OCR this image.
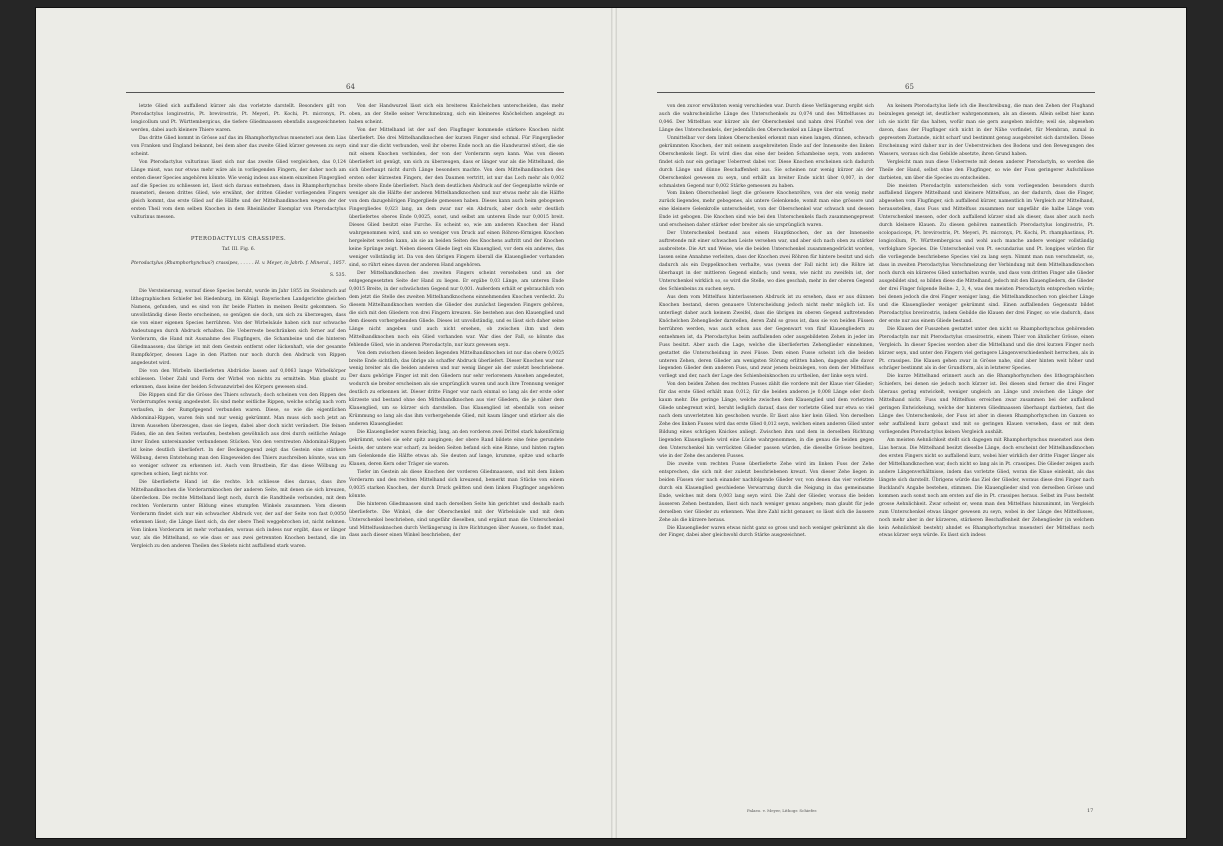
64

letzte Glied sich auffallend kürzer als das vorletzte darstellt. Besonders gilt von Pterodactylus longirostris, Pt. brevirostris, Pt. Meyeri, Pt. Kochi, Pt. micronyx, Pt. longicollum und Pt. Württembergicus, die tiefere Gliedmaassen ebenfalls ausgezeichneten werden, dabei auch kleinere Thiere waren.

Das dritte Glied kommt in Grösse auf das im Rhamphorhynchus muensteri aus dem Lias von Franken und England bekannt, bei dem aber das zweite Glied kürzer gewesen zu seyn scheint.

Von Pterodactylus vulturinus lässt sich nur das zweite Glied vergleichen, das 0,124 Länge misst, was nur etwas mehr wäre als in vorliegenden Fingern, der daher noch am ersten dieser Species angehören könnte. Wie wenig indess aus einem einzelnen Fingerglied auf die Species zu schliessen ist, lässt sich daraus entnehmen, dass in Rhamphorhynchus muensteri, dessen drittes Glied, wie erwähnt, der dritten Glieder vorliegenden Fingers gleich kommt, das erste Glied auf die Hälfte und der Mittelhandknochen wegen der der ersten Theil vom dem selben Knochen in dem Rheinländer Exemplar von Pterodactylus vulturinus messen.

PTERODACTYLUS CRASSIPES.

Taf. III. Fig. 6.

Pterodactylus (Rhamphorhynchus?) crassipes, . . . . . H. v. Meyer, in Jahrb. f. Mineral., 1857.

S. 535.

Die Versteinerung, worauf diese Species beruht, wurde im Jahr 1855 im Steinbruch auf lithographischen Schiefer bei Riedenburg, im Königl. Bayerischen Landgerichte gleichen Namens, gefunden, und es sind von ihr beide Platten in meinen Besitz gekommen. So unvollständig diese Reste erscheinen, so genügen sie doch, um sich zu überzeugen, dass sie von einer eigenen Species herrühren. Von der Wirbelsäule haben sich nur schwache Andeutungen durch Abdruck erhalten. Die Ueberreste beschränken sich ferner auf den Vorderarm, die Hand mit Ausnahme des Flugfingers, die Schambeine und die hinteren Gliedmaassen; das übrige ist mit dem Gestein entfernt oder lückenhaft, wie der gesamte Rumpfkörper, dessen Lage in den Platten nur noch durch den Abdruck von Rippen angedeutet wird.

Die von den Wirbeln überlieferten Abdrücke lassen auf 0,0063 lange Wirbelkörper schliessen. Ueber Zahl und Form der Wirbel von nichts zu ermitteln. Man glaubt zu erkennen, dass keine der beiden Schwanzwirbel des Körpers gewesen sind.

Die Rippen sind für die Grösse des Thiers schwach; doch scheinen von den Rippen des Vorderrumpfes wenig angedeutet. Es sind mehr seitliche Rippen, welche schräg nach vorn verlaufen, in der Rumpfgegend verbunden waren. Diese, so wie die eigentlichen Abdominal-Rippen, waren fein und nur wenig gekrümmt. Man muss sich noch jetzt an ihrem Aussehen überzeugen, dass sie liegen, dabei aber doch nicht verändert. Die feinen Fäden, die an den Seiten verlaufen, bestehen gewöhnlich aus drei durch seitliche Anlage ihrer Enden untereinander verbundenen Stücken. Von den verstreuten Abdominal-Rippen ist keine deutlich überliefert. In der Beckengegend zeigt das Gestein eine stärkere Wölbung, deren Entstehung man den Eingeweiden des Thiers zuschreiben könnte, was um so weniger schwer zu erkennen ist. Auch vom Brustbein, für das diese Wölbung zu sprechen schien, liegt nichts vor.

Die überlieferte Hand ist die rechte. Ich schliesse dies daraus, dass ihre Mittelhandknochen die Vorderarmknochen der anderen Seite, mit denen sie sich kreuzen, überdecken. Die rechte Mittelhand liegt noch, durch die Randtheile verbunden, mit dem rechten Vorderarm unter Bildung eines stumpfen Winkels zusammen. Vom diesem Vorderarm findet sich nur ein schwacher Abdruck vor, der auf der Seite von fast 0,0050 erkennen lässt; die Länge lässt sich, da der obere Theil weggebrochen ist, nicht nehmen. Vom linken Vorderarm ist mehr vorhanden, woraus sich indess nur ergibt, dass er länger war, als die Mittelhand, so wie dass er aus zwei getrennten Knochen bestand, die im Vergleich zu den anderen Theilen des Skelets nicht auffallend stark waren.

Von der Handwurzel lässt sich ein breiteres Knöchelchen unterscheiden, das mehr oben, an der Stelle seiner Verschmelzung, sich ein kleineres Knöchelchen angelegt zu haben scheint.

Von der Mittelhand ist der auf den Flugfinger kommende stärkere Knochen nicht überliefert. Die drei Mittelhandknochen der kurzen Finger sind schmal. Für Fingerglieder sind nur die dicht verbunden, weil ihr oberes Ende noch an die Handwurzel stösst, die sie mit einem Knochen verbinden, der von der Vorderarm seyn kann. Was von diesen überliefert ist genügt, um sich zu überzeugen, dass er länger war als die Mittelhand, die sich überhaupt nicht durch Länge besonders machte. Von dem Mittelhandknochen des ersten oder kürzesten Fingers, der den Daumen vertritt, ist nur das Loch mehr als 0,002 breite obere Ende überliefert. Nach dem deutlichen Abdruck auf der Gegenplatte würde er weniger als die Hälfte der anderen Mittelhandknochen und nur etwas mehr als die Hälfte von dem dazugehörigen Fingergliede gemessen haben. Dieses kann auch beim gebogenen Fingergliedes 0,023 lang, an dem zwar nur ein Abdruck, aber doch sehr deutlich überliefertes oberes Ende 0,0025, sonst, und selbst am unteren Ende nur 0,0015 breit. Dieses Glied besitzt eine Furche. Es scheint so, wie am anderen Knochen der Hand wahrgenommen wird, und um so weniger von Druck auf einen Röhren-förmigen Knochen hergeleitet werden kann, als sie an beiden Seiten des Knochens auftritt und der Knochen keine Sprünge zeigt. Neben diesem Gliede liegt ein Klauenglied, vor dem ein anderes, das weniger vollständig ist. Da von den übrigen Fingern überall die Klauenglieder vorhanden sind, so rührt eines davon der anderen Hand angehören.

Der Mittelhandknochen des zweiten Fingers scheint versehoben und an der entgegengesetzten Seite der Hand zu liegen. Er ergäbe 0,03 Länge, am unteren Ende 0,0015 Breite, in der schwächsten Gegend nur 0,001. Außerdem erhält er gebrauchlich von dem jetzt die Stelle des zweiten Mittelhandknochens einnehmenden Knochen verdeckt. Zu diesem Mittelhandknochen werden die Glieder des zunächst liegenden Fingers gehören, die sich mit den Gliedern von drei Fingern kreuzen. Sie bestehen aus den Klauenglied und dem diesem vorhergehenden Gliede. Dieses ist unvollständig, und es lässt sich daher seine Länge nicht angeben und auch nicht ersehen, ob zwischen ihm und dem Mittelhandknochen noch ein Glied vorhanden war. War dies der Fall, so könnte das fehlende Glied, wie in anderen Pterodactyln, nur kurz gewesen seyn.

Von dem zwischen diesen beiden liegenden Mittelhandknochen ist nur das obere 0,0025 breite Ende sichtlich, das übrige als schaffer Abdruck überliefert. Dieser Knochen war nur wenig breiter als die beiden anderen und nur wenig länger als der zuletzt beschriebene. Der dazu gehörige Finger ist mit den Gliedern nur sehr verlorenem Ansehen angedeutet, wodurch sie breiter erscheinen als sie ursprünglich waren und auch ihre Trennung weniger deutlich zu erkennen ist. Dieser dritte Finger war nach einmal so lang als der erste oder kürzeste und bestand ohne den Mittelhandknochen aus vier Gliedern, die je näher dem Klauenglied, um so kürzer sich darstellen. Das Klauenglied ist ebenfalls von seiner Krümmung so lang als das ihm vorhergehende Glied, mit kaum länger und stärker als die anderen Klauenglieder.

Die Klauenglieder waren fleischig, lang, an den vorderen zwei Drittel stark hakenförmig gekrümmt, wobei sie sehr spitz ausgingen; der obere Rand bildete eine feine gerundete Leiste, der untere war scharf; zu beiden Seiten befand sich eine Rinne, und hinten ragten am Gelenkende die Hälfte etwas ab. Sie deuten auf lange, krumme, spitze und scharfe Klauen, deren Kern oder Träger sie waren.

Tiefer im Gestein als diese Knochen der vorderen Gliedmaassen, und mit dem linken Vorderarm und den rechten Mittelhand sich kreuzend, bemerkt man Stücke von einem 0,0035 starken Knochen, der durch Druck gelitten und dem linken Flugfinger angehören könnte.

Die hinteren Gliedmaassen sind nach derselben Seite hin gerichtet und deshalb nach überlieferte. Die Winkel, die der Oberschenkel mit der Wirbelsäule und mit dem Unterschenkel beschrieben, sind ungefähr dieselben, und ergänzt man die Unterschenkel und Mittelfussknochen durch Verlängerung in ihre Richtungen über Aussen, so findet man, dass auch dieser einen Winkel beschrieben, der

65

von den zuvor erwähnten wenig verschieden war. Durch diese Verlängerung ergibt sich auch die wahrscheinliche Länge des Unterschenkels zu 0,074 und des Mittelfusses zu 0,046. Der Mittelfuss war kürzer als der Oberschenkel und nahm drei Fünftel von der Länge des Unterschenkels, der jedenfalls den Oberschenkel an Länge übertraf.

Unmittelbar vor dem linken Oberschenkel erkennt man einen langen, dünnen, schwach gekrümmten Knochen, der mit seinem ausgebreiteten Ende auf der Innenseite des linken Oberschenkels liegt. Es wird dies das eine der beiden Schambeine seyn, vom anderen findet sich nur ein geringer Ueberrest dabei vor. Diese Knochen erscheinen sich dadurch durch Länge und dünne Beschaffenheit aus. Sie scheinen nur wenig kürzer als der Oberschenkel gewesen zu seyn, und erhält an breiter Ende nicht über 0,007, in der schmalsten Gegend nur 0,002 Stärke gemessen zu haben.

Vom linken Oberschenkel liegt die grössere Knochenröhre, von der ein wenig mehr zurück liegendes, mehr gebogenes, als untere Gelenkende, womit man eine grössere und eine kleinere Gelenkrolle unterscheidet, von der Oberschenkel war schwach und dessen Ende ist gebogen. Die Knochen sind wie bei den Unterschenkels flach zusammengepresst und erscheinen daher stärker oder breiter als sie ursprünglich waren.

Der Unterschenkel bestand aus einem Hauptknochen, der an der Innenseite auftretende mit einer schwachen Leiste versehen war, und aber sich nach oben zu stärker ausbreitete. Die Art und Weise, wie die beiden Unterschenkel zusammengedrückt worden, lassen seine Annahme verleiten, dass der Knochen zwei Röhren für hintere besitzt und sich dadurch als ein Doppelknochen verhalte, was (wenn der Fall nicht ist) die Röhre ist überhaupt in der mittleren Gegend einfach; und wenn, wie nicht zu zweifeln ist, der Unterschenkel wirklich so, so wird die Stelle, wo dies geschah, mehr in der oberen Gegend des Schienbeins zu suchen seyn.

Aus dem vom Mittelfuss hinterlassenen Abdruck ist zu ersehen, dass er aus dünnen Knochen bestand, deren genauere Unterscheidung jedoch nicht mehr möglich ist. Es unterliegt daher auch keinem Zweifel, dass die übrigen im oberen Gegend auftretenden Knöchelchen Zehenglieder darstellen, deren Zahl so gross ist, dass sie von beiden Füssen herrühren werden, was auch schon aus der Gegenwart von fünf Klauengliedern zu entnehmen ist, da Pterodactylus beim auffallenden oder ausgebildeten Zehen in jeder im Fuss besitzt. Aber auch die Lage, welche die überlieferten Zehenglieder einnehmen, gestattet die Unterscheidung in zwei Füsse. Dem einen Fusse scheint ich die beiden unteren Zehen, deren Glieder am wenigsten Störung erlitten haben, dagegen alle davor liegenden Glieder dem anderen Fuss, und zwar jenem beizulegen, von dem der Mittelfuss vorliegt und der, nach der Lage des Schienbeinknochen zu urtheilen, der linke seyn wird.

Von den beiden Zehen des rechten Fusses zählt die vordere mit der Klaue vier Glieder; für das erste Glied erhält man 0,012; für die beiden anderen je 0,008 Länge oder doch kaum mehr. Die geringe Länge, welche zwischen dem Klauenglied und dem vorletzten Gliede unbegrenzt wird, beruht lediglich darauf, dass der vorletzte Glied nur etwa so viel nach dem unverletzten hin geschoben wurde. Er lässt also hier kein Glied. Von derselben Zehe des linken Fusses wird das erste Glied 0,012 seyn, welchen einen anderen Glied unter Bildung eines schrägen Knickes anliegt. Zwischen ihm und dem in derselben Richtung liegenden Klauengliede wird eine Lücke wahrgenommen, in die genau die beiden gegen den Unterschenkel hin verrückten Glieder passen würden, die dieselbe Grösse besitzen, wie in der Zehe des anderen Fusses.

Die zweite vom rechten Fusse überlieferte Zehe wird im linken Fuss der Zehe entsprechen, die sich mit der zuletzt beschriebenen kreuzt. Von dieser Zehe liegen in beiden Füssen vier nach einander nachfolgende Glieder vor, von denen das vier vorletzte durch ein Klauenglied geschiedene Verwarrung durch die Neigung in das gemeinsame Ende, welches mit dem 0,003 lang seyn wird. Die Zahl der Glieder, woraus die beiden äusseren Zehen bestanden, lässt sich nach weniger genau angeben; man glaubt für jede derselben vier Glieder zu erkennen. Was ihre Zahl nicht genauer, so lässt sich die äussere Zehe als die kürzere heraus.

Die Klauenglieder waren etwas nicht ganz so gross und noch weniger gekrümmt als die der Finger, dabei aber gleichwohl durch Stärke ausgezeichnet.

Palaeo. v. Meyer, Lithogr. Schiefer.

An keinem Pterodactylus liefe ich die Beschreibung, die man den Zehen der Flughand beizulegen geneigt ist, deutlicher wahrgenommen, als an diesem. Allein selbst hier kann ich sie nicht für das halten, wofür man sie gern ausgeben möchte; weil sie, abgesehen davon, dass der Flugfinger sich nicht in der Nähe vorfindet, für Membran, zumal in gepresstem Zustande, nicht scharf und bestimmt genug ausgebreitet sich darstellen. Diese Erscheinung wird daher nur in der Ueberstreichen des Bodens und den Bewegungen des Wassers, woraus sich das Gebilde absetzte, ihren Grund haben.

Vergleicht man nun diese Ueberreste mit denen anderer Pterodactyln, so werden die Theile der Hand, selbst ohne den Flugfinger, so wie der Fuss geringerer Aufschlüsse darbieten, um über die Species zu entscheiden.

Die meisten Pterodactyln unterscheiden sich vom vorliegenden besonders durch auffallend längere Mittelhand und kleinere Mittelfuss, an der dadurch, dass die Finger, abgesehen vom Flugfinger, sich auffallend kürzer, namentlich im Vergleich zur Mittelhand, herausstellen, dass Fuss und Mittelfuss zusammen nur ungefähr die halbe Länge vom Unterschenkel messen, oder doch auffallend kürzer sind als dieser, dass aber auch noch durch kleinere Klauen. Zu diesen gehören namentlich Pterodactylus longirostris, Pt. scolopaciceps, Pt. brevirostris, Pt. Meyeri, Pt. micronyx, Pt. Kochi, Pt. rhamphastinus, Pt. longicollum, Pt. Württembergicus und wohl auch manche andere weniger vollständig verfolgbare Species. Die Unterschenkel von Pt. secundarius und Pt. longipes würden für die vorliegende beschriebene Species viel zu lang seyn. Nimmt man nun verschmelzt, so, dass in zweiten Pterodactylus Verschmelzung der Verbindung mit dem Mittelhandknochen noch durch ein kürzeres Glied unterhalten wurde, und dass vom dritten Finger alle Glieder ausgebildet sind, so bilden diese die Mittelhand, jedoch mit den Klauengliedern, die Glieder der drei Finger folgende Reihe: 2, 3, 4, was den meisten Pterodactyln entsprechen würde; bei denen jedoch die drei Finger weniger lang, die Mittelhandknochen von gleicher Länge und die Klauenglieder weniger gekrümmt sind. Einen auffallenden Gegensatz bildet Pterodactylus brevirostris, indem Gebilde die Klauen der drei Finger, so wie dadurch, dass der erste nur aus einem Gliede bestand.

Die Klauen der Fusszehen gestattet unter den nicht so Rhamphorhynchus gehörenden Pterodactyln nur mit Pterodactylus crassirostris, einem Thier von ähnlicher Grösse, einen Vergleich. In dieser Species werden aber die Mittelhand und die drei kurzen Finger noch kürzer seyn, und unter den Fingern viel geringere Längenverschiedenheit herrschen, als in Pt. crassipes. Die Klauen gehen zwar in Grösse nahe, sind aber hinten weit höher und schräger bestimmt als in der Grundform, als in letzterer Species.

Die kurze Mittelhand erinnert auch an die Rhamphorhynchen des lithographischen Schiefers, bei denen sie jedoch noch kürzer ist. Bei diesen sind ferner die drei Finger überaus gering entwickelt, weniger ungleich an Länge und zwischen die Länge der Mittelhand nicht. Fuss und Mittelfuss erreichen zwar zusammen bei der auffallend geringen Entwickelung, welche der hinteren Gliedmaassen überhaupt darbieten, fast die Länge des Unterschenkels, der Fuss ist aber in diesen Rhamphorhynchen im Ganzen so sehr auffallend kurz gebaut und mit so geringen Klauen versehen, dass er mit dem vorliegenden Pterodactylus keinen Vergleich aushält.

Am meisten Aehnlichkeit stellt sich dagegen mit Rhamphorhynchus muensteri aus dem Lias heraus. Die Mittelhand besitzt dieselbe Länge, doch erscheint der Mittelhandknochen des ersten Fingers nicht so auffallend kurz, wobei hier wirklich der dritte Finger länger als der Mittelhandknochen war, doch nicht so lang als in Pt. crassipes. Die Glieder zeigen auch andere Längenverhältnisse, indem das vorletzte Glied, woran die Klaue einlenkt, als das längste sich darstellt. Übrigens würde das Ziel der Glieder, woraus diese drei Finger nach Buckland's Angabe bestehen, stimmen. Die Klauenglieder sind von derselben Grösse und kommen auch sonst noch am ersten auf die in Pt. crassipes heraus. Selbst im Fuss besteht grosse Aehnlichkeit. Zwar scheint er, wenn man den Mittelfuss hinzunimmt, im Vergleich zum Unterschenkel etwas länger gewesen zu seyn, wobei in der Länge des Mittelfusses, noch mehr aber in der kürzeren, stärkeren Beschaffenheit der Zehenglieder (in welchem kein Aehnlichkeit besteht) ahndet es Rhamphorhynchus muensteri der Mittelfuss noch etwas kürzer seyn würde. Es lässt sich indess

17
